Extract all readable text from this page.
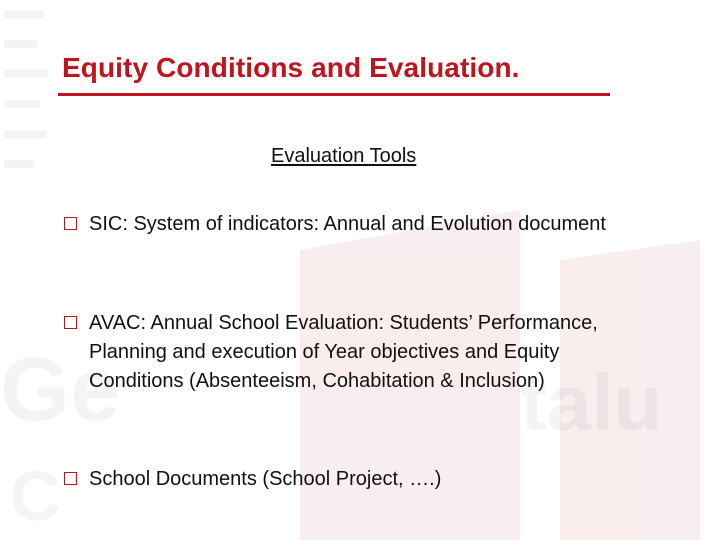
Ge	talu
C
Equity Conditions and Evaluation.
Evaluation Tools
SIC: System of indicators: Annual and Evolution document
AVAC: Annual School Evaluation: Students’ Performance, Planning and execution of Year objectives and Equity Conditions (Absenteeism, Cohabitation & Inclusion)
School Documents (School Project, ….)
